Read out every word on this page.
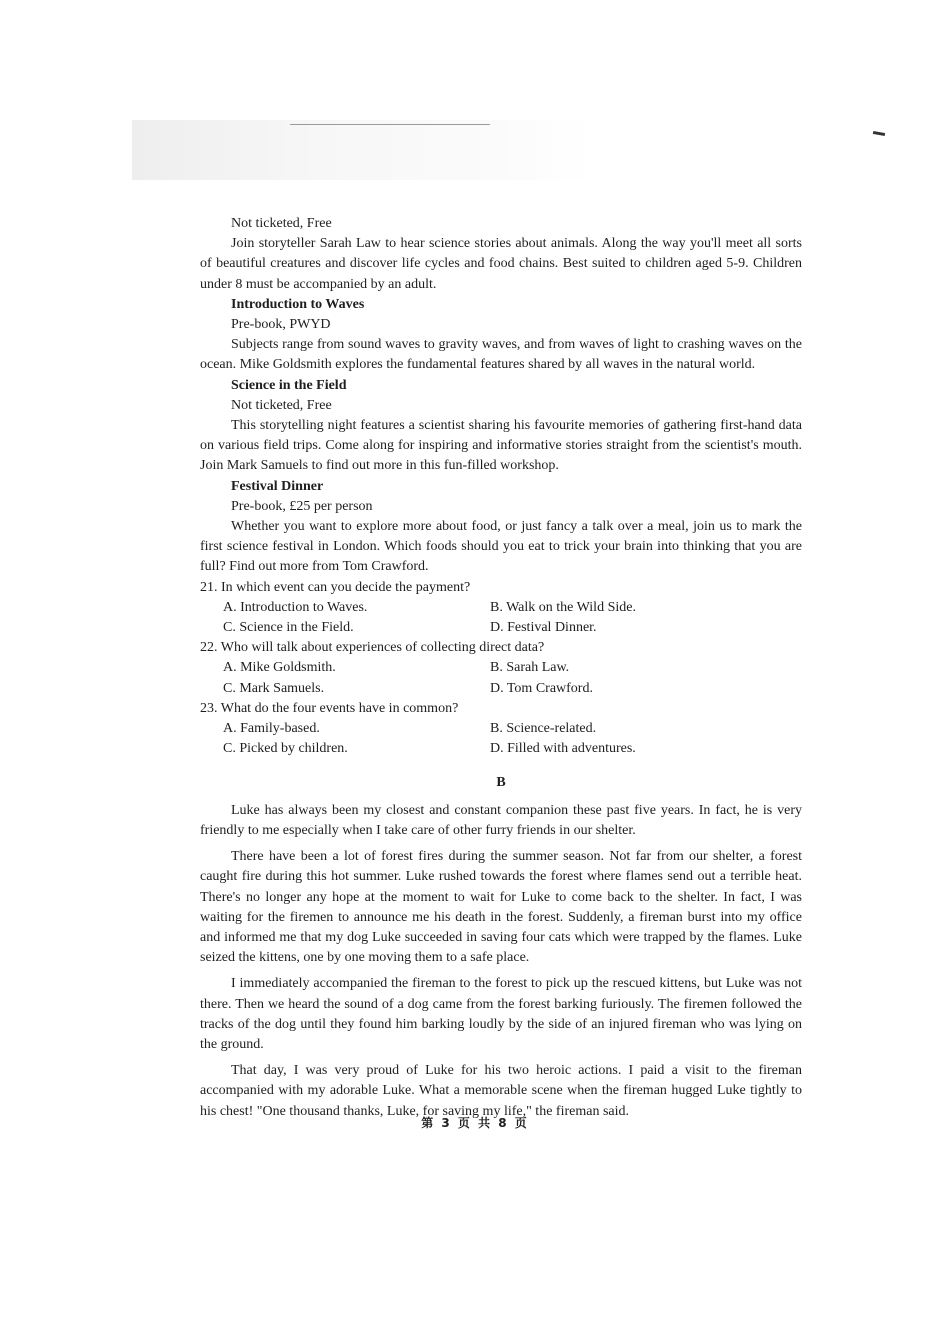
Not ticketed, Free

Join storyteller Sarah Law to hear science stories about animals. Along the way you'll meet all sorts of beautiful creatures and discover life cycles and food chains. Best suited to children aged 5-9. Children under 8 must be accompanied by an adult.

Introduction to Waves

Pre-book, PWYD

Subjects range from sound waves to gravity waves, and from waves of light to crashing waves on the ocean. Mike Goldsmith explores the fundamental features shared by all waves in the natural world.

Science in the Field

Not ticketed, Free

This storytelling night features a scientist sharing his favourite memories of gathering first-hand data on various field trips. Come along for inspiring and informative stories straight from the scientist's mouth. Join Mark Samuels to find out more in this fun-filled workshop.

Festival Dinner

Pre-book, £25 per person

Whether you want to explore more about food, or just fancy a talk over a meal, join us to mark the first science festival in London. Which foods should you eat to trick your brain into thinking that you are full? Find out more from Tom Crawford.

21. In which event can you decide the payment?

A. Introduction to Waves.	B. Walk on the Wild Side.
C. Science in the Field.	D. Festival Dinner.

22. Who will talk about experiences of collecting direct data?

A. Mike Goldsmith.	B. Sarah Law.
C. Mark Samuels.	D. Tom Crawford.

23. What do the four events have in common?

A. Family-based.	B. Science-related.
C. Picked by children.	D. Filled with adventures.

B

Luke has always been my closest and constant companion these past five years. In fact, he is very friendly to me especially when I take care of other furry friends in our shelter.

There have been a lot of forest fires during the summer season. Not far from our shelter, a forest caught fire during this hot summer. Luke rushed towards the forest where flames send out a terrible heat. There's no longer any hope at the moment to wait for Luke to come back to the shelter. In fact, I was waiting for the firemen to announce me his death in the forest. Suddenly, a fireman burst into my office and informed me that my dog Luke succeeded in saving four cats which were trapped by the flames. Luke seized the kittens, one by one moving them to a safe place.

I immediately accompanied the fireman to the forest to pick up the rescued kittens, but Luke was not there. Then we heard the sound of a dog came from the forest barking furiously. The firemen followed the tracks of the dog until they found him barking loudly by the side of an injured fireman who was lying on the ground.

That day, I was very proud of Luke for his two heroic actions. I paid a visit to the fireman accompanied with my adorable Luke. What a memorable scene when the fireman hugged Luke tightly to his chest! "One thousand thanks, Luke, for saving my life," the fireman said.

第 3 页 共 8 页
